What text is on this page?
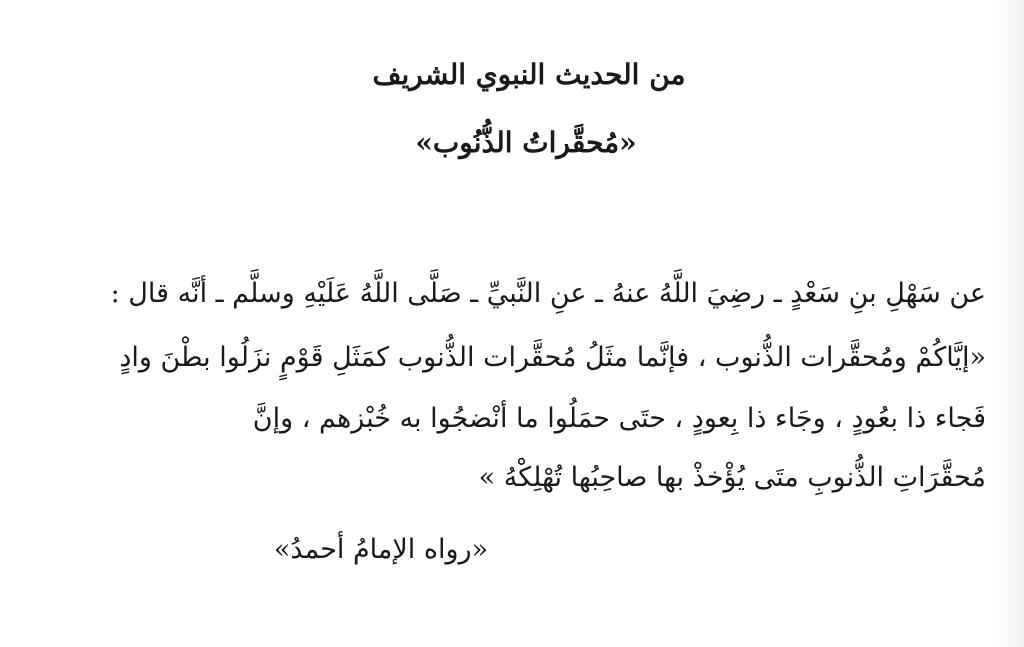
من الحديث النبوي الشريف
«مُحقَّراتُ الذُّنُوب»
عن سَهْلِ بنِ سَعْدٍ ـ رضِيَ اللَّهُ عنهُ ـ عنِ النَّبيِّ ـ صَلَّى اللَّهُ عَلَيْهِ وسلَّم ـ أنَّه قال :
«إيَّاكُمْ ومُحقَّرات الذُّنوب ، فإنَّما مثَلُ مُحقَّرات الذُّنوب كمَثَلِ قَوْمٍ نزَلُوا بطْنَ وادٍ
فَجاء ذا بعُودٍ ، وجَاء ذا بِعودٍ ، حتَى حمَلُوا ما أنْضجُوا به خُبْزهم ، وإنَّ
مُحقَّرَاتِ الذُّنوبِ متَى يُؤْخذْ بها صاحِبُها تُهْلِكْهُ »
«رواه الإمامُ أحمدُ»
